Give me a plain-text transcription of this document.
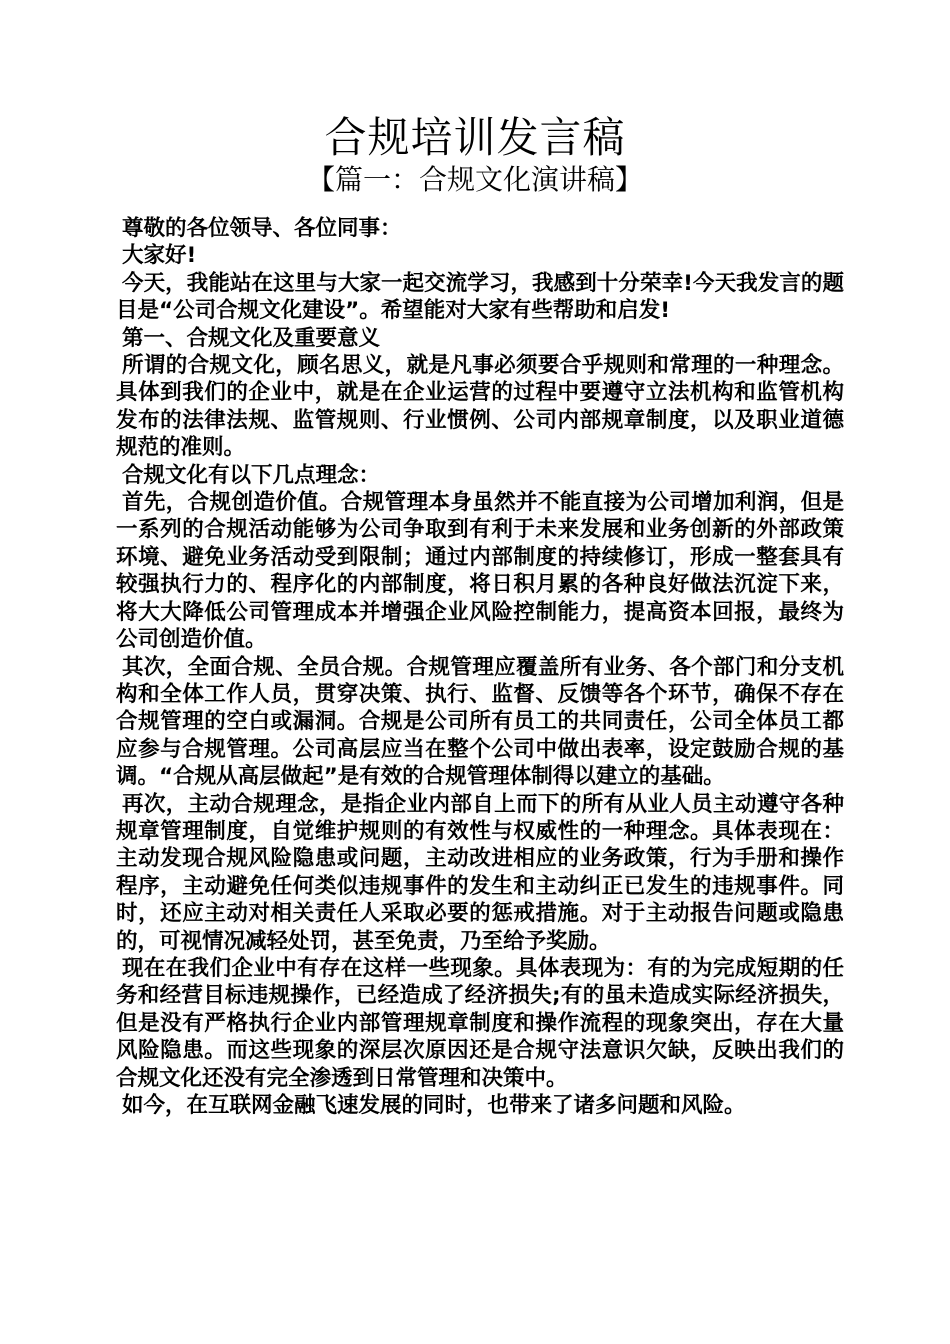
合规培训发言稿
【篇一：合规文化演讲稿】

尊敬的各位领导、各位同事：

大家好!

今天，我能站在这里与大家一起交流学习，我感到十分荣幸!今天我发言的题目是“公司合规文化建设”。希望能对大家有些帮助和启发!

第一、合规文化及重要意义

所谓的合规文化，顾名思义，就是凡事必须要合乎规则和常理的一种理念。具体到我们的企业中，就是在企业运营的过程中要遵守立法机构和监管机构发布的法律法规、监管规则、行业惯例、公司内部规章制度，以及职业道德规范的准则。

合规文化有以下几点理念：

首先，合规创造价值。合规管理本身虽然并不能直接为公司增加利润，但是一系列的合规活动能够为公司争取到有利于未来发展和业务创新的外部政策环境、避免业务活动受到限制；通过内部制度的持续修订，形成一整套具有较强执行力的、程序化的内部制度，将日积月累的各种良好做法沉淀下来，将大大降低公司管理成本并增强企业风险控制能力，提高资本回报，最终为公司创造价值。

其次，全面合规、全员合规。合规管理应覆盖所有业务、各个部门和分支机构和全体工作人员，贯穿决策、执行、监督、反馈等各个环节，确保不存在合规管理的空白或漏洞。合规是公司所有员工的共同责任，公司全体员工都应参与合规管理。公司高层应当在整个公司中做出表率，设定鼓励合规的基调。“合规从高层做起”是有效的合规管理体制得以建立的基础。

再次，主动合规理念，是指企业内部自上而下的所有从业人员主动遵守各种规章管理制度，自觉维护规则的有效性与权威性的一种理念。具体表现在：主动发现合规风险隐患或问题，主动改进相应的业务政策，行为手册和操作程序，主动避免任何类似违规事件的发生和主动纠正已发生的违规事件。同时，还应主动对相关责任人采取必要的惩戒措施。对于主动报告问题或隐患的，可视情况减轻处罚，甚至免责，乃至给予奖励。

现在在我们企业中有存在这样一些现象。具体表现为：有的为完成短期的任务和经营目标违规操作，已经造成了经济损失;有的虽未造成实际经济损失，但是没有严格执行企业内部管理规章制度和操作流程的现象突出，存在大量风险隐患。而这些现象的深层次原因还是合规守法意识欠缺，反映出我们的合规文化还没有完全渗透到日常管理和决策中。

如今，在互联网金融飞速发展的同时，也带来了诸多问题和风险。
